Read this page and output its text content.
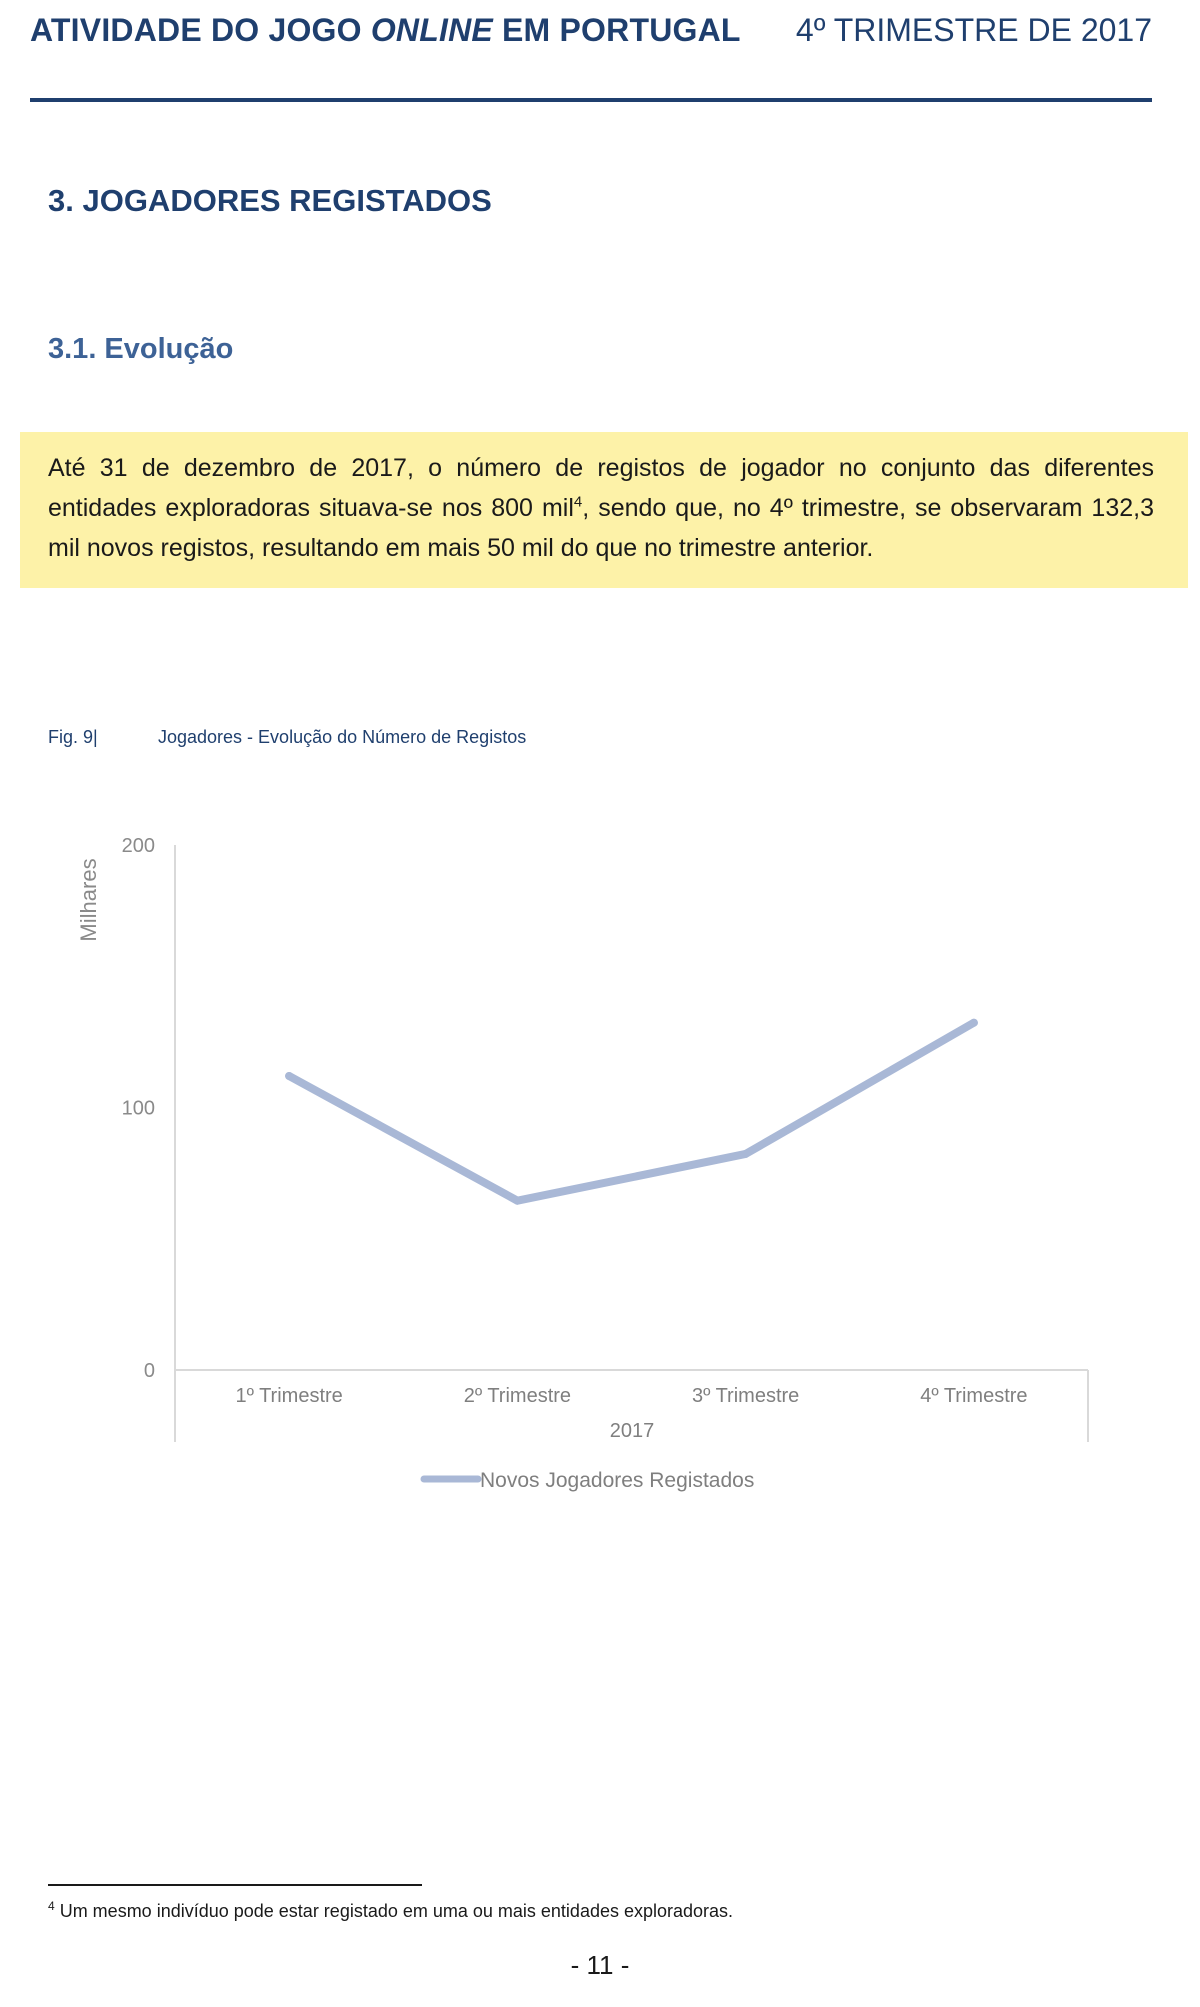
ATIVIDADE DO JOGO ONLINE EM PORTUGAL 4º TRIMESTRE DE 2017
3. JOGADORES REGISTADOS
3.1. Evolução

Até 31 de dezembro de 2017, o número de registos de jogador no conjunto das diferentes entidades exploradoras situava-se nos 800 mil$^4$, sendo que, no 4º trimestre, se observaram 132,3 mil novos registos, resultando em mais 50 mil do que no trimestre anterior.

Fig. 9|	Jogadores - Evolução do Número de Registos
0
100
200
Milhares
1º Trimestre	2º Trimestre	3º Trimestre	4º Trimestre
2017
Novos Jogadores Registados
$^4$ Um mesmo indivíduo pode estar registado em uma ou mais entidades exploradoras.
- 11 -
